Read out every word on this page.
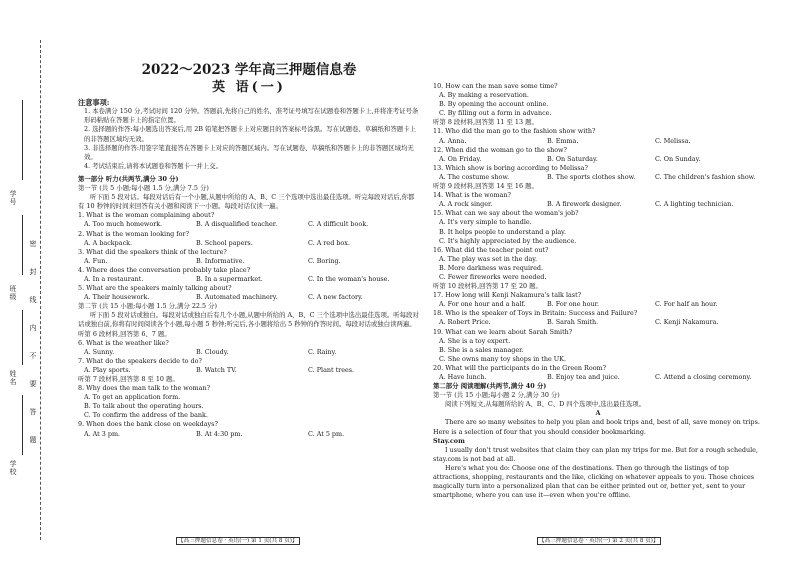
学号
班级
姓名
学校
密
封
线
内
不
要
答
题
2022～2023 学年高三押题信息卷
英 语(一)
注意事项:
1. 本卷满分 150 分,考试时间 120 分钟。答题前,先将自己的姓名、准考证号填写在试题卷和答题卡上,并将准考证号条形码粘贴在答题卡上的指定位置。
2. 选择题的作答:每小题选出答案后,用 2B 铅笔把答题卡上对应题目的答案标号涂黑。写在试题卷、草稿纸和答题卡上的非答题区域均无效。
3. 非选择题的作答:用签字笔直接答在答题卡上对应的答题区域内。写在试题卷、草稿纸和答题卡上的非答题区域均无效。
4. 考试结束后,请将本试题卷和答题卡一并上交。
第一部分 听力(共两节,满分 30 分)
第一节 (共 5 小题;每小题 1.5 分,满分 7.5 分)
听下面 5 段对话。每段对话后有一个小题,从题中所给的 A、B、C 三个选项中选出最佳选项。听完每段对话后,你都有 10 秒钟的时间来回答有关小题和阅读下一小题。每段对话仅读一遍。
1. What is the woman complaining about?
A. Too much homework.	B. A disqualified teacher.	C. A difficult book.
2. What is the woman looking for?
A. A backpack.	B. School papers.	C. A red box.
3. What did the speakers think of the lecture?
A. Fun.	B. Informative.	C. Boring.
4. Where does the conversation probably take place?
A. In a restaurant.	B. In a supermarket.	C. In the woman's house.
5. What are the speakers mainly talking about?
A. Their housework.	B. Automated machinery.	C. A new factory.
第二节 (共 15 小题;每小题 1.5 分,满分 22.5 分)
听下面 5 段对话或独白。每段对话或独白后有几个小题,从题中所给的 A、B、C 三个选项中选出最佳选项。听每段对话或独白前,你将有时间阅读各个小题,每小题 5 秒钟;听完后,各小题将给出 5 秒钟的作答时间。每段对话或独白读两遍。
听第 6 段材料,回答第 6、7 题。
6. What is the weather like?
A. Sunny.	B. Cloudy.	C. Rainy.
7. What do the speakers decide to do?
A. Play sports.	B. Watch TV.	C. Plant trees.
听第 7 段材料,回答第 8 至 10 题。
8. Why does the man talk to the woman?
A. To get an application form.
B. To talk about the operating hours.
C. To confirm the address of the bank.
9. When does the bank close on weekdays?
A. At 3 pm.	B. At 4:30 pm.	C. At 5 pm.
10. How can the man save some time?
A. By making a reservation.
B. By opening the account online.
C. By filling out a form in advance.
听第 8 段材料,回答第 11 至 13 题。
11. Who did the man go to the fashion show with?
A. Anna.	B. Emma.	C. Melissa.
12. When did the woman go to the show?
A. On Friday.	B. On Saturday.	C. On Sunday.
13. Which show is boring according to Melissa?
A. The costume show.	B. The sports clothes show.	C. The children's fashion show.
听第 9 段材料,回答第 14 至 16 题。
14. What is the woman?
A. A rock singer.	B. A firework designer.	C. A lighting technician.
15. What can we say about the woman's job?
A. It's very simple to handle.
B. It helps people to understand a play.
C. It's highly appreciated by the audience.
16. What did the teacher point out?
A. The play was set in the day.
B. More darkness was required.
C. Fewer fireworks were needed.
听第 10 段材料,回答第 17 至 20 题。
17. How long will Kenji Nakamura's talk last?
A. For one hour and a half.	B. For one hour.	C. For half an hour.
18. Who is the speaker of Toys in Britain: Success and Failure?
A. Robert Price.	B. Sarah Smith.	C. Kenji Nakamura.
19. What can we learn about Sarah Smith?
A. She is a toy expert.
B. She is a sales manager.
C. She owns many toy shops in the UK.
20. What will the participants do in the Green Room?
A. Have lunch.	B. Enjoy tea and juice.	C. Attend a closing ceremony.
第二部分 阅读理解(共两节,满分 40 分)
第一节 (共 15 小题;每小题 2 分,满分 30 分)
阅读下列短文,从每题所给的 A、B、C、D 四个选项中,选出最佳选项。
A
There are so many websites to help you plan and book trips and, best of all, save money on trips. Here is a selection of four that you should consider bookmarking.
Stay.com
I usually don't trust websites that claim they can plan my trips for me. But for a rough schedule, stay.com is not bad at all.
Here's what you do: Choose one of the destinations. Then go through the listings of top attractions, shopping, restaurants and the like, clicking on whatever appeals to you. Those choices magically turn into a personalized plan that can be either printed out or, better yet, sent to your smartphone, where you can use it—even when you're offline.
【高三押题信息卷 · 英语(一) 第 1 页(共 8 页)】	【高三押题信息卷 · 英语(一) 第 2 页(共 8 页)】
